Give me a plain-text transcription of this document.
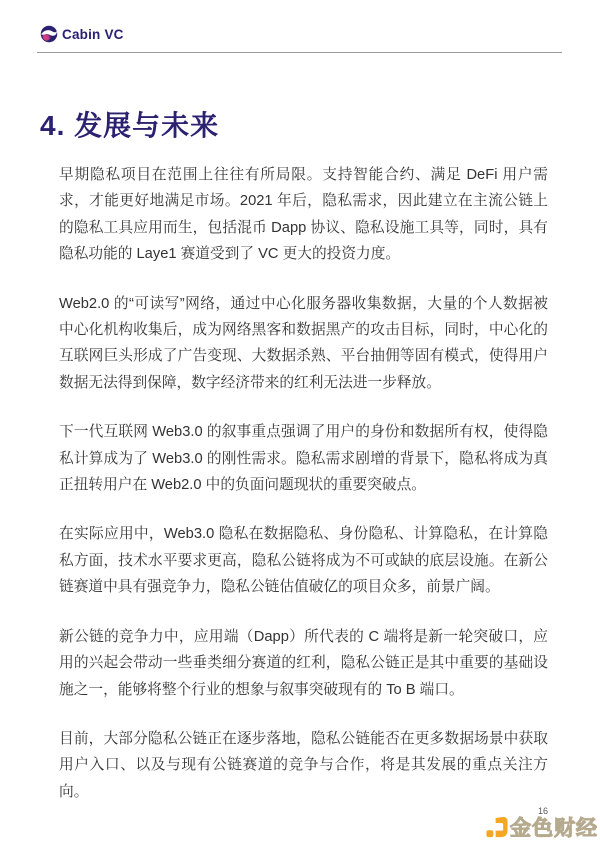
Cabin VC
4. 发展与未来

早期隐私项目在范围上往往有所局限。支持智能合约、满足 DeFi 用户需求，才能更好地满足市场。2021 年后，隐私需求，因此建立在主流公链上的隐私工具应用而生，包括混币 Dapp 协议、隐私设施工具等，同时，具有隐私功能的 Laye1 赛道受到了 VC 更大的投资力度。

Web2.0 的“可读写”网络，通过中心化服务器收集数据，大量的个人数据被中心化机构收集后，成为网络黑客和数据黑产的攻击目标，同时，中心化的互联网巨头形成了广告变现、大数据杀熟、平台抽佣等固有模式，使得用户数据无法得到保障，数字经济带来的红利无法进一步释放。

下一代互联网 Web3.0 的叙事重点强调了用户的身份和数据所有权，使得隐私计算成为了 Web3.0 的刚性需求。隐私需求剧增的背景下，隐私将成为真正扭转用户在 Web2.0 中的负面问题现状的重要突破点。

在实际应用中，Web3.0 隐私在数据隐私、身份隐私、计算隐私，在计算隐私方面，技术水平要求更高，隐私公链将成为不可或缺的底层设施。在新公链赛道中具有强竞争力，隐私公链估值破亿的项目众多，前景广阔。

新公链的竞争力中，应用端（Dapp）所代表的 C 端将是新一轮突破口，应用的兴起会带动一些垂类细分赛道的红利，隐私公链正是其中重要的基础设施之一，能够将整个行业的想象与叙事突破现有的 To B 端口。

目前，大部分隐私公链正在逐步落地，隐私公链能否在更多数据场景中获取用户入口、以及与现有公链赛道的竞争与合作，将是其发展的重点关注方向。

16
金色财经
